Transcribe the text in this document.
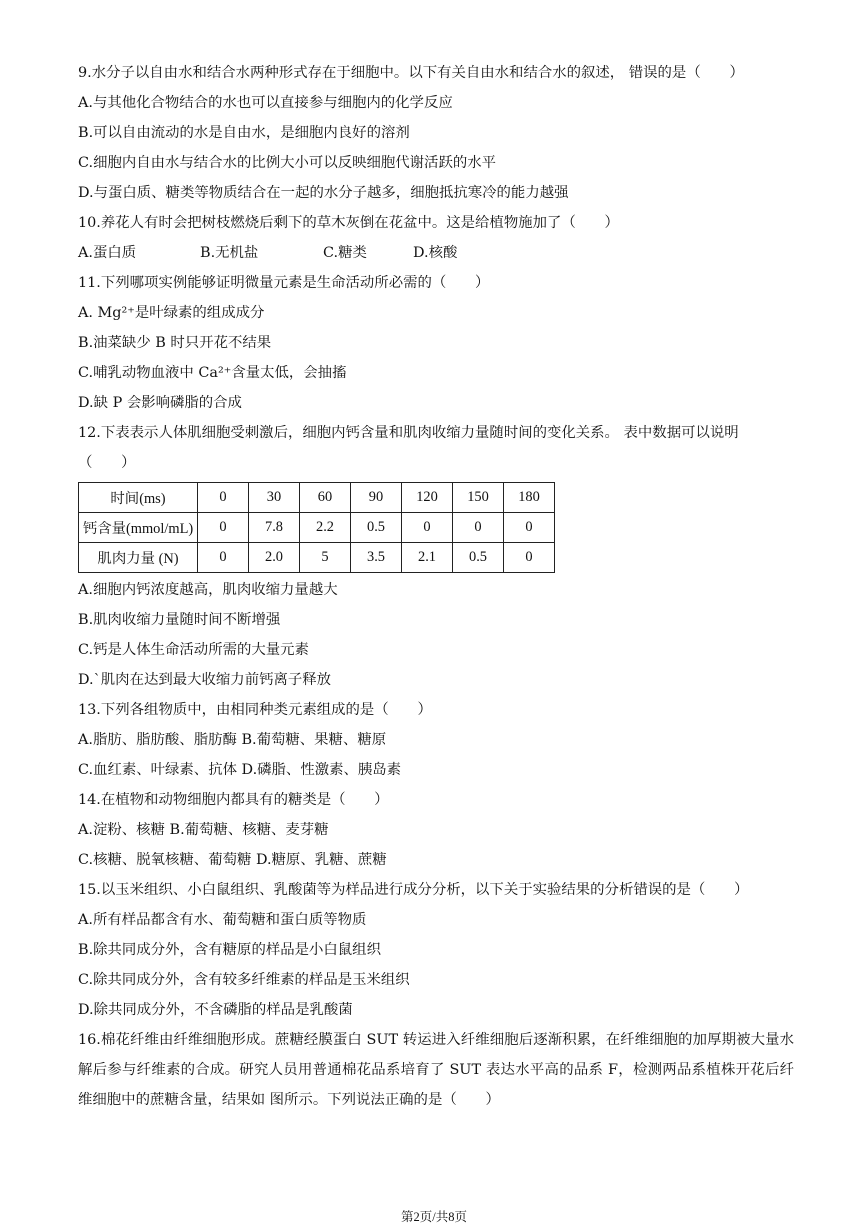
9.水分子以自由水和结合水两种形式存在于细胞中。以下有关自由水和结合水的叙述， 错误的是（　　）
A.与其他化合物结合的水也可以直接参与细胞内的化学反应
B.可以自由流动的水是自由水，是细胞内良好的溶剂
C.细胞内自由水与结合水的比例大小可以反映细胞代谢活跃的水平
D.与蛋白质、糖类等物质结合在一起的水分子越多，细胞抵抗寒冷的能力越强
10.养花人有时会把树枝燃烧后剩下的草木灰倒在花盆中。这是给植物施加了（　　）
A.蛋白质	B.无机盐	C.糖类	D.核酸
11.下列哪项实例能够证明微量元素是生命活动所必需的（　　）
A. Mg²⁺是叶绿素的组成成分
B.油菜缺少 B 时只开花不结果
C.哺乳动物血液中 Ca²⁺含量太低，会抽搐
D.缺 P 会影响磷脂的合成
12.下表表示人体肌细胞受刺激后，细胞内钙含量和肌肉收缩力量随时间的变化关系。 表中数据可以说明
（　　）
时间(ms)	0	30	60	90	120	150	180
钙含量(mmol/mL)	0	7.8	2.2	0.5	0	0	0
肌肉力量 (N)	0	2.0	5	3.5	2.1	0.5	0
A.细胞内钙浓度越高，肌肉收缩力量越大
B.肌肉收缩力量随时间不断增强
C.钙是人体生命活动所需的大量元素
D.`肌肉在达到最大收缩力前钙离子释放
13.下列各组物质中，由相同种类元素组成的是（　　）
A.脂肪、脂肪酸、脂肪酶 B.葡萄糖、果糖、糖原
C.血红素、叶绿素、抗体 D.磷脂、性激素、胰岛素
14.在植物和动物细胞内都具有的糖类是（　　）
A.淀粉、核糖 B.葡萄糖、核糖、麦芽糖
C.核糖、脱氧核糖、葡萄糖 D.糖原、乳糖、蔗糖
15.以玉米组织、小白鼠组织、乳酸菌等为样品进行成分分析，以下关于实验结果的分析错误的是（　　）
A.所有样品都含有水、葡萄糖和蛋白质等物质
B.除共同成分外，含有糖原的样品是小白鼠组织
C.除共同成分外，含有较多纤维素的样品是玉米组织
D.除共同成分外，不含磷脂的样品是乳酸菌
16.棉花纤维由纤维细胞形成。蔗糖经膜蛋白 SUT 转运进入纤维细胞后逐渐积累，在纤维细胞的加厚期被大量水解后参与纤维素的合成。研究人员用普通棉花品系培育了 SUT 表达水平高的品系 F，检测两品系植株开花后纤维细胞中的蔗糖含量，结果如 图所示。下列说法正确的是（　　）
第2页/共8页
